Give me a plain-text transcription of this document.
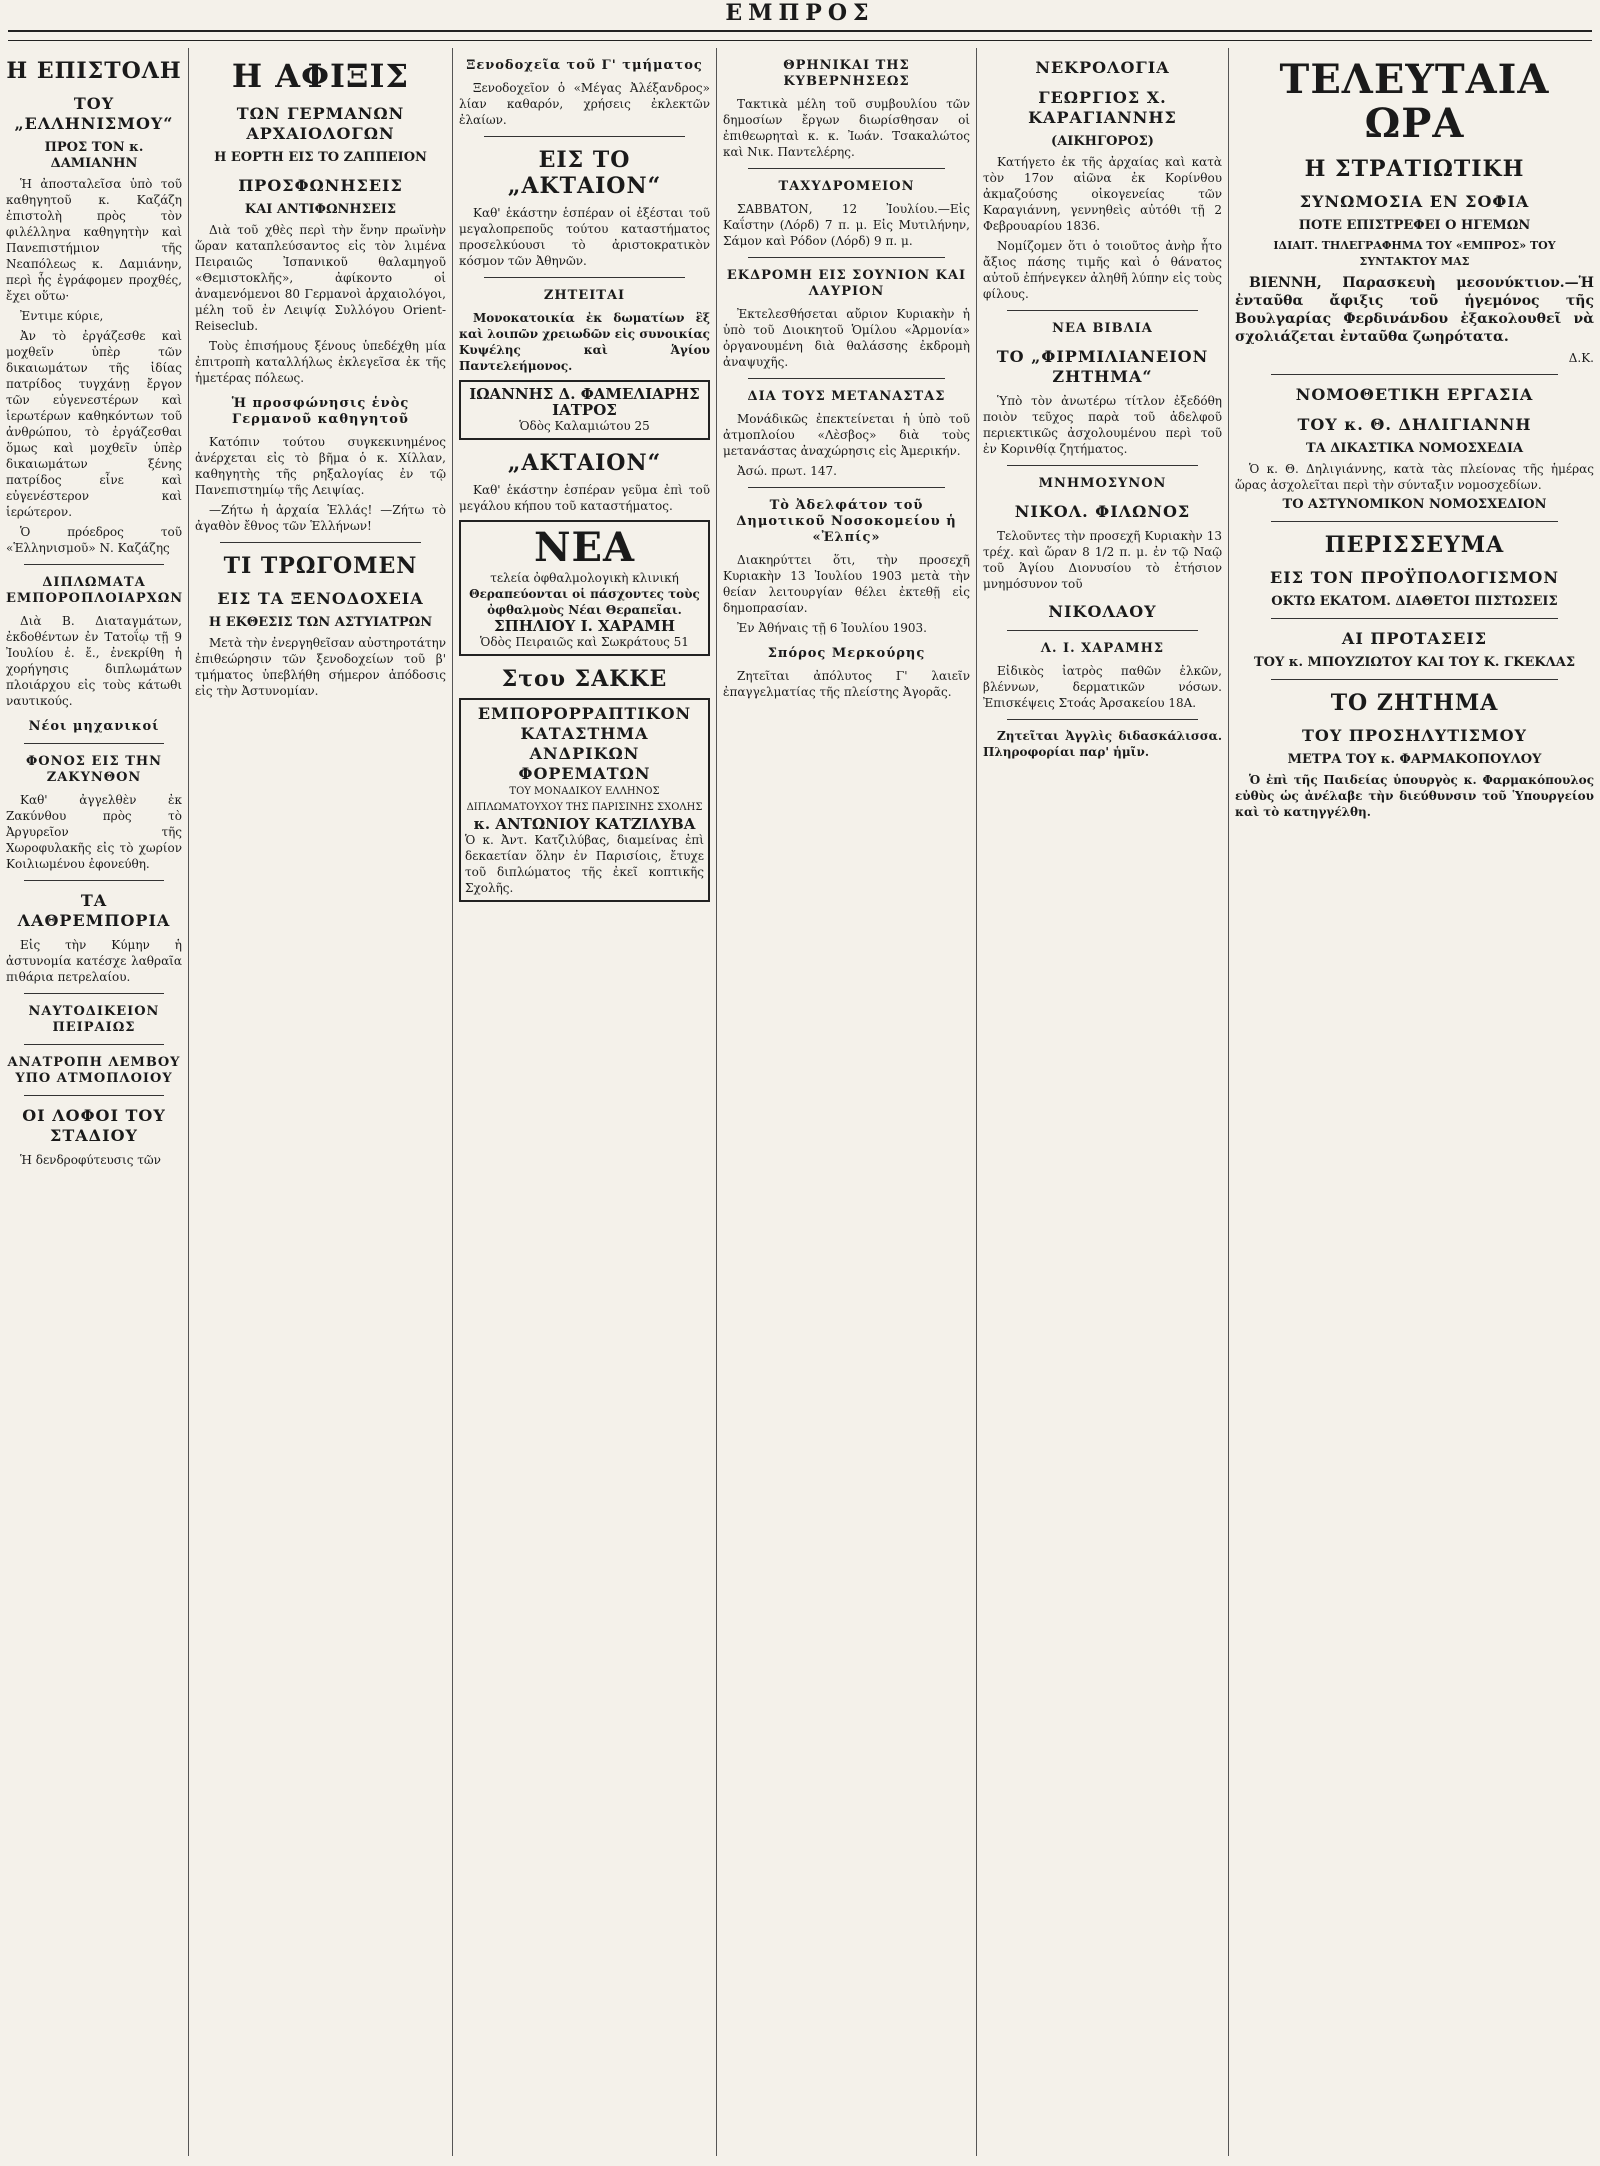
ΕΜΠΡΟΣ
Η ΕΠΙΣΤΟΛΗ
ΤΟΥ „ΕΛΛΗΝΙΣΜΟΥ“
ΠΡΟΣ ΤΟΝ κ. ΔΑΜΙΑΝΗΝ

Ἡ ἀποσταλεῖσα ὑπὸ τοῦ καθηγητοῦ κ. Καζάζη ἐπιστολὴ πρὸς τὸν φιλέλληνα καθηγητὴν καὶ Πανεπιστήμιον τῆς Νεαπόλεως κ. Δαμιάνην, περὶ ἧς ἐγράφομεν προχθές, ἔχει οὕτω·

Ἐντιμε κύριε,

Ἀν τὸ ἐργάζεσθε καὶ μοχθεῖν ὑπὲρ τῶν δικαιωμάτων τῆς ἰδίας πατρίδος τυγχάνῃ ἔργον τῶν εὐγενεστέρων καὶ ἱερωτέρων καθηκόντων τοῦ ἀνθρώπου, τὸ ἐργάζεσθαι ὅμως καὶ μοχθεῖν ὑπὲρ δικαιωμάτων ξένης πατρίδος εἶνε καὶ εὐγενέστερον καὶ ἱερώτερον.

Ὁ πρόεδρος τοῦ «Ἑλληνισμοῦ» Ν. Καζάζης

ΔΙΠΛΩΜΑΤΑ ΕΜΠΟΡΟΠΛΟΙΑΡΧΩΝ

Διὰ Β. Διαταγμάτων, ἐκδοθέντων ἐν Τατοΐῳ τῇ 9 Ἰουλίου ἐ. ἔ., ἐνεκρίθη ἡ χορήγησις διπλωμάτων πλοιάρχου εἰς τοὺς κάτωθι ναυτικούς.

Νέοι μηχανικοί
ΦΟΝΟΣ ΕΙΣ ΤΗΝ ΖΑΚΥΝΘΟΝ

Καθ' ἀγγελθὲν ἐκ Ζακύνθου πρὸς τὸ Ἀργυρεῖον τῆς Χωροφυλακῆς εἰς τὸ χωρίον Κοιλιωμένου ἐφονεύθη.

ΤΑ ΛΑΘΡΕΜΠΟΡΙΑ

Εἰς τὴν Κύμην ἡ ἀστυνομία κατέσχε λαθραῖα πιθάρια πετρελαίου.

ΝΑΥΤΟΔΙΚΕΙΟΝ ΠΕΙΡΑΙΩΣ
ΑΝΑΤΡΟΠΗ ΛΕΜΒΟΥ ΥΠΟ ΑΤΜΟΠΛΟΙΟΥ
ΟΙ ΛΟΦΟΙ ΤΟΥ ΣΤΑΔΙΟΥ

Ἡ δενδροφύτευσις τῶν

Η ΑΦΙΞΙΣ
ΤΩΝ ΓΕΡΜΑΝΩΝ ΑΡΧΑΙΟΛΟΓΩΝ
Η ΕΟΡΤΗ ΕΙΣ ΤΟ ΖΑΠΠΕΙΟΝ
ΠΡΟΣΦΩΝΗΣΕΙΣ
ΚΑΙ ΑΝΤΙΦΩΝΗΣΕΙΣ

Διὰ τοῦ χθὲς περὶ τὴν ἕνην πρωϊνὴν ὥραν καταπλεύσαντος εἰς τὸν λιμένα Πειραιῶς Ἰσπανικοῦ θαλαμηγοῦ «Θεμιστοκλῆς», ἀφίκοντο οἱ ἀναμενόμενοι 80 Γερμανοὶ ἀρχαιολόγοι, μέλη τοῦ ἐν Λειψίᾳ Συλλόγου Orient-Reiseclub.

Τοὺς ἐπισήμους ξένους ὑπεδέχθη μία ἐπιτροπὴ καταλλήλως ἐκλεγεῖσα ἐκ τῆς ἡμετέρας πόλεως.

Ἡ προσφώνησις ἑνὸς Γερμανοῦ καθηγητοῦ

Κατόπιν τούτου συγκεκινημένος ἀνέρχεται εἰς τὸ βῆμα ὁ κ. Χίλλαν, καθηγητὴς τῆς ρηξαλογίας ἐν τῷ Πανεπιστημίῳ τῆς Λειψίας.

—Ζήτω ἡ ἀρχαία Ἑλλάς! —Ζήτω τὸ ἀγαθὸν ἔθνος τῶν Ἑλλήνων!

ΤΙ ΤΡΩΓΟΜΕΝ
ΕΙΣ ΤΑ ΞΕΝΟΔΟΧΕΙΑ
Η ΕΚΘΕΣΙΣ ΤΩΝ ΑΣΤΥΙΑΤΡΩΝ

Μετὰ τὴν ἐνεργηθεῖσαν αὐστηροτάτην ἐπιθεώρησιν τῶν ξενοδοχείων τοῦ β' τμήματος ὑπεβλήθη σήμερον ἀπόδοσις εἰς τὴν Ἀστυνομίαν.

Ξενοδοχεῖα τοῦ Γ' τμήματος

Ξενοδοχεῖον ὁ «Μέγας Ἀλέξανδρος» λίαν καθαρόν, χρήσεις ἐκλεκτῶν ἐλαίων.

ΕΙΣ ΤΟ „ΑΚΤΑΙΟΝ“

Καθ' ἑκάστην ἑσπέραν οἱ ἐξέσται τοῦ μεγαλοπρεποῦς τούτου καταστήματος προσελκύουσι τὸ ἀριστοκρατικὸν κόσμον τῶν Ἀθηνῶν.

ΖΗΤΕΙΤΑΙ

Μονοκατοικία ἐκ δωματίων ἓξ καὶ λοιπῶν χρειωδῶν εἰς συνοικίας Κυψέλης καὶ Ἁγίου Παντελεήμονος.

ΙΩΑΝΝΗΣ Δ. ΦΑΜΕΛΙΑΡΗΣ
ΙΑΤΡΟΣ
Ὁδὸς Καλαμιώτου 25
„ΑΚΤΑΙΟΝ“

Καθ' ἑκάστην ἑσπέραν γεῦμα ἐπὶ τοῦ μεγάλου κήπου τοῦ καταστήματος.

ΝΕΑ
τελεία ὀφθαλμολογικὴ κλινική
Θεραπεύονται οἱ πάσχοντες τοὺς ὀφθαλμοὺς Νέαι Θεραπεῖαι.
ΣΠΗΛΙΟΥ Ι. ΧΑΡΑΜΗ
Ὁδὸς Πειραιῶς καὶ Σωκράτους 51
Στου ΣΑΚΚΕ
ΕΜΠΟΡΟΡΡΑΠΤΙΚΟΝ ΚΑΤΑΣΤΗΜΑ
ΑΝΔΡΙΚΩΝ ΦΟΡΕΜΑΤΩΝ
ΤΟΥ ΜΟΝΑΔΙΚΟΥ ΕΛΛΗΝΟΣ ΔΙΠΛΩΜΑΤΟΥΧΟΥ ΤΗΣ ΠΑΡΙΣΙΝΗΣ ΣΧΟΛΗΣ
κ. ΑΝΤΩΝΙΟΥ ΚΑΤΖΙΛΥΒΑ
Ὁ κ. Ἀντ. Κατζιλύβας, διαμείνας ἐπὶ δεκαετίαν ὅλην ἐν Παρισίοις, ἔτυχε τοῦ διπλώματος τῆς ἐκεῖ κοπτικῆς Σχολῆς.
ΘΡΗΝΙΚΑΙ ΤΗΣ ΚΥΒΕΡΝΗΣΕΩΣ

Τακτικὰ μέλη τοῦ συμβουλίου τῶν δημοσίων ἔργων διωρίσθησαν οἱ ἐπιθεωρηταὶ κ. κ. Ἰωάν. Τσακαλώτος καὶ Νικ. Παντελέρης.

ΤΑΧΥΔΡΟΜΕΙΟΝ

ΣΑΒΒΑΤΟΝ, 12 Ἰουλίου.—Εἰς Καΐστην (Λόρδ) 7 π. μ. Εἰς Μυτιλήνην, Σάμον καὶ Ρόδον (Λόρδ) 9 π. μ.

ΕΚΔΡΟΜΗ ΕΙΣ ΣΟΥΝΙΟΝ ΚΑΙ ΛΑΥΡΙΟΝ

Ἐκτελεσθήσεται αὔριον Κυριακὴν ἡ ὑπὸ τοῦ Διοικητοῦ Ὁμίλου «Ἁρμονία» ὀργανουμένη διὰ θαλάσσης ἐκδρομὴ ἀναψυχῆς.

ΔΙΑ ΤΟΥΣ ΜΕΤΑΝΑΣΤΑΣ

Μονάδικῶς ἐπεκτείνεται ἡ ὑπὸ τοῦ ἀτμοπλοίου «Λὲσβος» διὰ τοὺς μετανάστας ἀναχώρησις εἰς Ἀμερικήν.

Ἀσώ. πρωτ. 147.

Τὸ Ἀδελφάτον τοῦ Δημοτικοῦ Νοσοκομείου ἡ «Ἐλπίς»

Διακηρύττει ὅτι, τὴν προσεχῆ Κυριακὴν 13 Ἰουλίου 1903 μετὰ τὴν θείαν λειτουργίαν θέλει ἐκτεθῇ εἰς δημοπρασίαν.

Ἐν Ἀθήναις τῇ 6 Ἰουλίου 1903.

Σπόρος Μερκούρης

Ζητεῖται ἀπόλυτος Γ' λαιεῖν ἐπαγγελματίας τῆς πλείστης Ἀγορᾶς.

ΝΕΚΡΟΛΟΓΙΑ
ΓΕΩΡΓΙΟΣ Χ. ΚΑΡΑΓΙΑΝΝΗΣ
(ΑΙΚΗΓΟΡΟΣ)

Κατήγετο ἐκ τῆς ἀρχαίας καὶ κατὰ τὸν 17ον αἰῶνα ἐκ Κορίνθου ἀκμαζούσης οἰκογενείας τῶν Καραγιάννη, γεννηθεὶς αὐτόθι τῇ 2 Φεβρουαρίου 1836.

Νομίζομεν ὅτι ὁ τοιοῦτος ἀνὴρ ἦτο ἄξιος πάσης τιμῆς καὶ ὁ θάνατος αὐτοῦ ἐπήνεγκεν ἀληθῆ λύπην εἰς τοὺς φίλους.

ΝΕΑ ΒΙΒΛΙΑ
ΤΟ „ΦΙΡΜΙΛΙΑΝΕΙΟΝ ΖΗΤΗΜΑ“

Ὑπὸ τὸν ἀνωτέρω τίτλον ἐξεδόθη ποιὸν τεῦχος παρὰ τοῦ ἀδελφοῦ περιεκτικῶς ἀσχολουμένου περὶ τοῦ ἐν Κορινθίᾳ ζητήματος.

ΜΝΗΜΟΣΥΝΟΝ
ΝΙΚΟΛ. ΦΙΛΩΝΟΣ

Τελοῦντες τὴν προσεχῆ Κυριακὴν 13 τρέχ. καὶ ὥραν 8 1/2 π. μ. ἐν τῷ Ναῷ τοῦ Ἁγίου Διονυσίου τὸ ἐτήσιον μνημόσυνον τοῦ

ΝΙΚΟΛΑΟΥ
Λ. Ι. ΧΑΡΑΜΗΣ

Εἰδικὸς ἰατρὸς παθῶν ἐλκῶν, βλέννων, δερματικῶν νόσων. Ἐπισκέψεις Στοάς Ἀρσακείου 18Α.

Ζητεῖται Ἀγγλὶς διδασκάλισσα. Πληροφορίαι παρ' ἡμῖν.

ΤΕΛΕΥΤΑΙΑ ΩΡΑ
Η ΣΤΡΑΤΙΩΤΙΚΗ
ΣΥΝΩΜΟΣΙΑ ΕΝ ΣΟΦΙΑ
ΠΟΤΕ ΕΠΙΣΤΡΕΦΕΙ Ο ΗΓΕΜΩΝ
ΙΔΙΑΙΤ. ΤΗΛΕΓΡΑΦΗΜΑ ΤΟΥ «ΕΜΠΡΟΣ» ΤΟΥ ΣΥΝΤΑΚΤΟΥ ΜΑΣ

ΒΙΕΝΝΗ, Παρασκευὴ μεσονύκτιον.—Ἡ ἐνταῦθα ἄφιξις τοῦ ἡγεμόνος τῆς Βουλγαρίας Φερδινάνδου ἐξακολουθεῖ νὰ σχολιάζεται ἐνταῦθα ζωηρότατα.

Δ.Κ.

ΝΟΜΟΘΕΤΙΚΗ ΕΡΓΑΣΙΑ
ΤΟΥ κ. Θ. ΔΗΛΙΓΙΑΝΝΗ
ΤΑ ΔΙΚΑΣΤΙΚΑ ΝΟΜΟΣΧΕΔΙΑ

Ὁ κ. Θ. Δηλιγιάννης, κατὰ τὰς πλείονας τῆς ἡμέρας ὥρας ἀσχολεῖται περὶ τὴν σύνταξιν νομοσχεδίων.

ΤΟ ΑΣΤΥΝΟΜΙΚΟΝ ΝΟΜΟΣΧΕΔΙΟΝ
ΠΕΡΙΣΣΕΥΜΑ
ΕΙΣ ΤΟΝ ΠΡΟΫΠΟΛΟΓΙΣΜΟΝ
ΟΚΤΩ ΕΚΑΤΟΜ. ΔΙΑΘΕΤΟΙ ΠΙΣΤΩΣΕΙΣ
ΑΙ ΠΡΟΤΑΣΕΙΣ
ΤΟΥ κ. ΜΠΟΥΖΙΩΤΟΥ ΚΑΙ ΤΟΥ Κ. ΓΚΕΚΛΑΣ
ΤΟ ΖΗΤΗΜΑ
ΤΟΥ ΠΡΟΣΗΛΥΤΙΣΜΟΥ
ΜΕΤΡΑ ΤΟΥ κ. ΦΑΡΜΑΚΟΠΟΥΛΟΥ

Ὁ ἐπὶ τῆς Παιδείας ὑπουργὸς κ. Φαρμακόπουλος εὐθὺς ὡς ἀνέλαβε τὴν διεύθυνσιν τοῦ Ὑπουργείου καὶ τὸ κατηγγέλθη.
